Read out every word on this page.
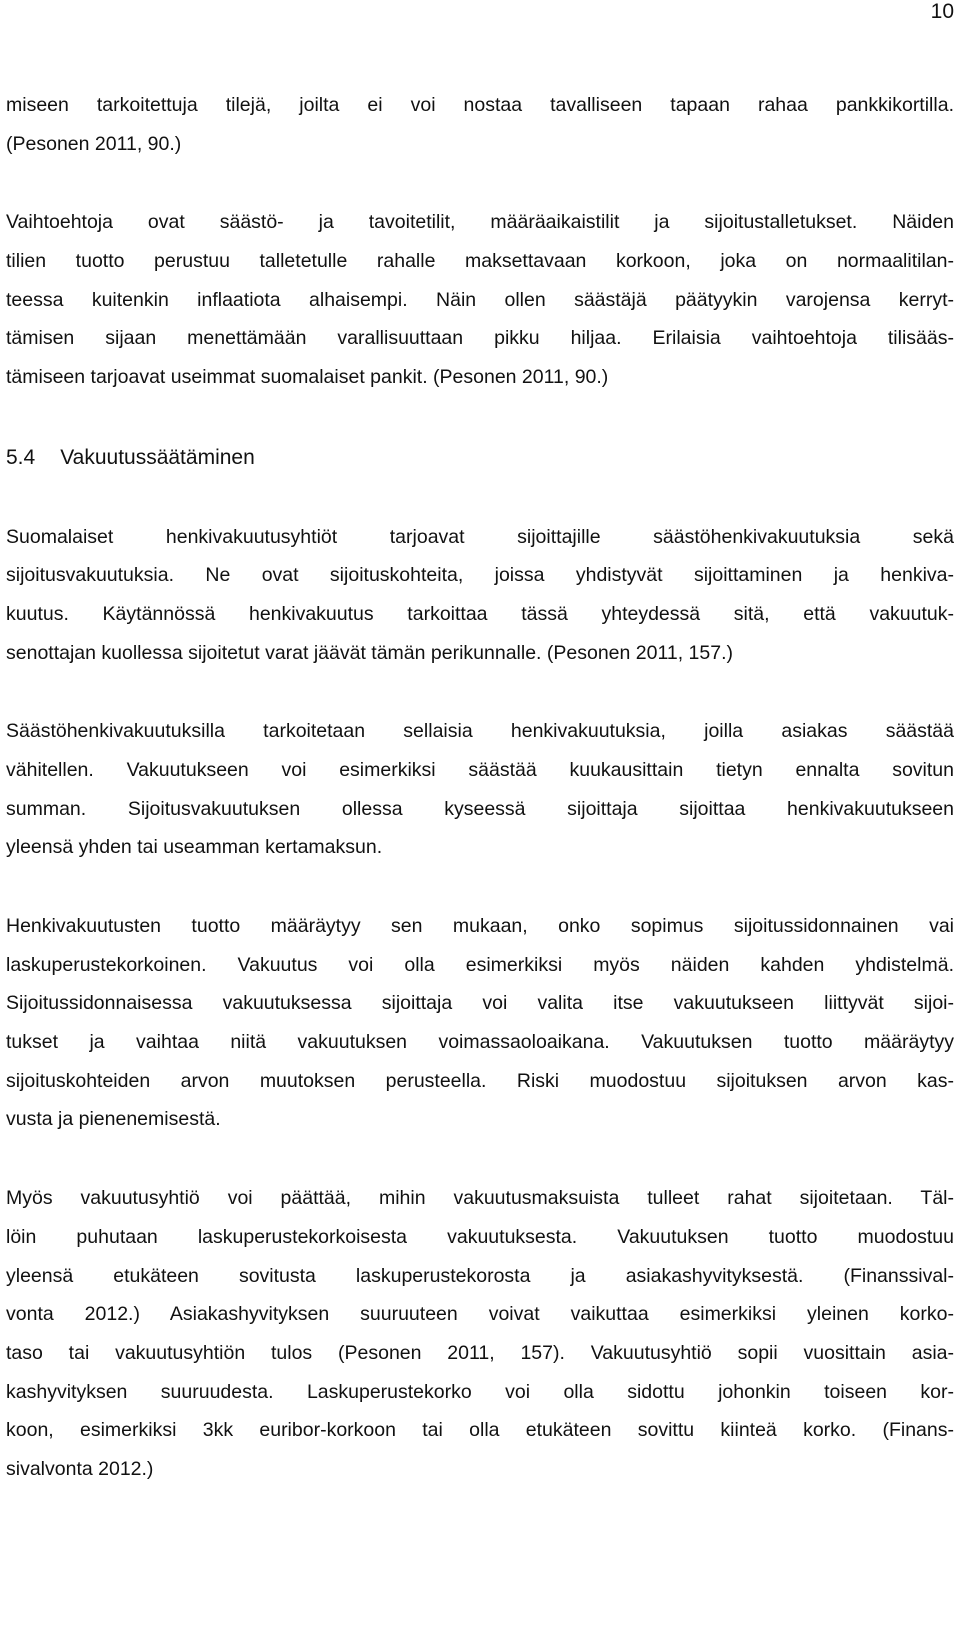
10
miseen tarkoitettuja tilejä, joilta ei voi nostaa tavalliseen tapaan rahaa pankkikortilla.
(Pesonen 2011, 90.)
Vaihtoehtoja ovat säästö- ja tavoitetilit, määräaikaistilit ja sijoitustalletukset. Näiden
tilien tuotto perustuu talletetulle rahalle maksettavaan korkoon, joka on normaalitilan-
teessa kuitenkin inflaatiota alhaisempi. Näin ollen säästäjä päätyykin varojensa kerryt-
tämisen sijaan menettämään varallisuuttaan pikku hiljaa. Erilaisia vaihtoehtoja tilisääs-
tämiseen tarjoavat useimmat suomalaiset pankit. (Pesonen 2011, 90.)
5.4 Vakuutussäätäminen
Suomalaiset henkivakuutusyhtiöt tarjoavat sijoittajille säästöhenkivakuutuksia sekä
sijoitusvakuutuksia. Ne ovat sijoituskohteita, joissa yhdistyvät sijoittaminen ja henkiva-
kuutus. Käytännössä henkivakuutus tarkoittaa tässä yhteydessä sitä, että vakuutuk-
senottajan kuollessa sijoitetut varat jäävät tämän perikunnalle. (Pesonen 2011, 157.)
Säästöhenkivakuutuksilla tarkoitetaan sellaisia henkivakuutuksia, joilla asiakas säästää
vähitellen. Vakuutukseen voi esimerkiksi säästää kuukausittain tietyn ennalta sovitun
summan. Sijoitusvakuutuksen ollessa kyseessä sijoittaja sijoittaa henkivakuutukseen
yleensä yhden tai useamman kertamaksun.
Henkivakuutusten tuotto määräytyy sen mukaan, onko sopimus sijoitussidonnainen vai
laskuperustekorkoinen. Vakuutus voi olla esimerkiksi myös näiden kahden yhdistelmä.
Sijoitussidonnaisessa vakuutuksessa sijoittaja voi valita itse vakuutukseen liittyvät sijoi-
tukset ja vaihtaa niitä vakuutuksen voimassaoloaikana. Vakuutuksen tuotto määräytyy
sijoituskohteiden arvon muutoksen perusteella. Riski muodostuu sijoituksen arvon kas-
vusta ja pienenemisestä.
Myös vakuutusyhtiö voi päättää, mihin vakuutusmaksuista tulleet rahat sijoitetaan. Täl-
löin puhutaan laskuperustekorkoisesta vakuutuksesta. Vakuutuksen tuotto muodostuu
yleensä etukäteen sovitusta laskuperustekorosta ja asiakashyvityksestä. (Finanssival-
vonta 2012.) Asiakashyvityksen suuruuteen voivat vaikuttaa esimerkiksi yleinen korko-
taso tai vakuutusyhtiön tulos (Pesonen 2011, 157). Vakuutusyhtiö sopii vuosittain asia-
kashyvityksen suuruudesta. Laskuperustekorko voi olla sidottu johonkin toiseen kor-
koon, esimerkiksi 3kk euribor-korkoon tai olla etukäteen sovittu kiinteä korko. (Finans-
sivalvonta 2012.)
